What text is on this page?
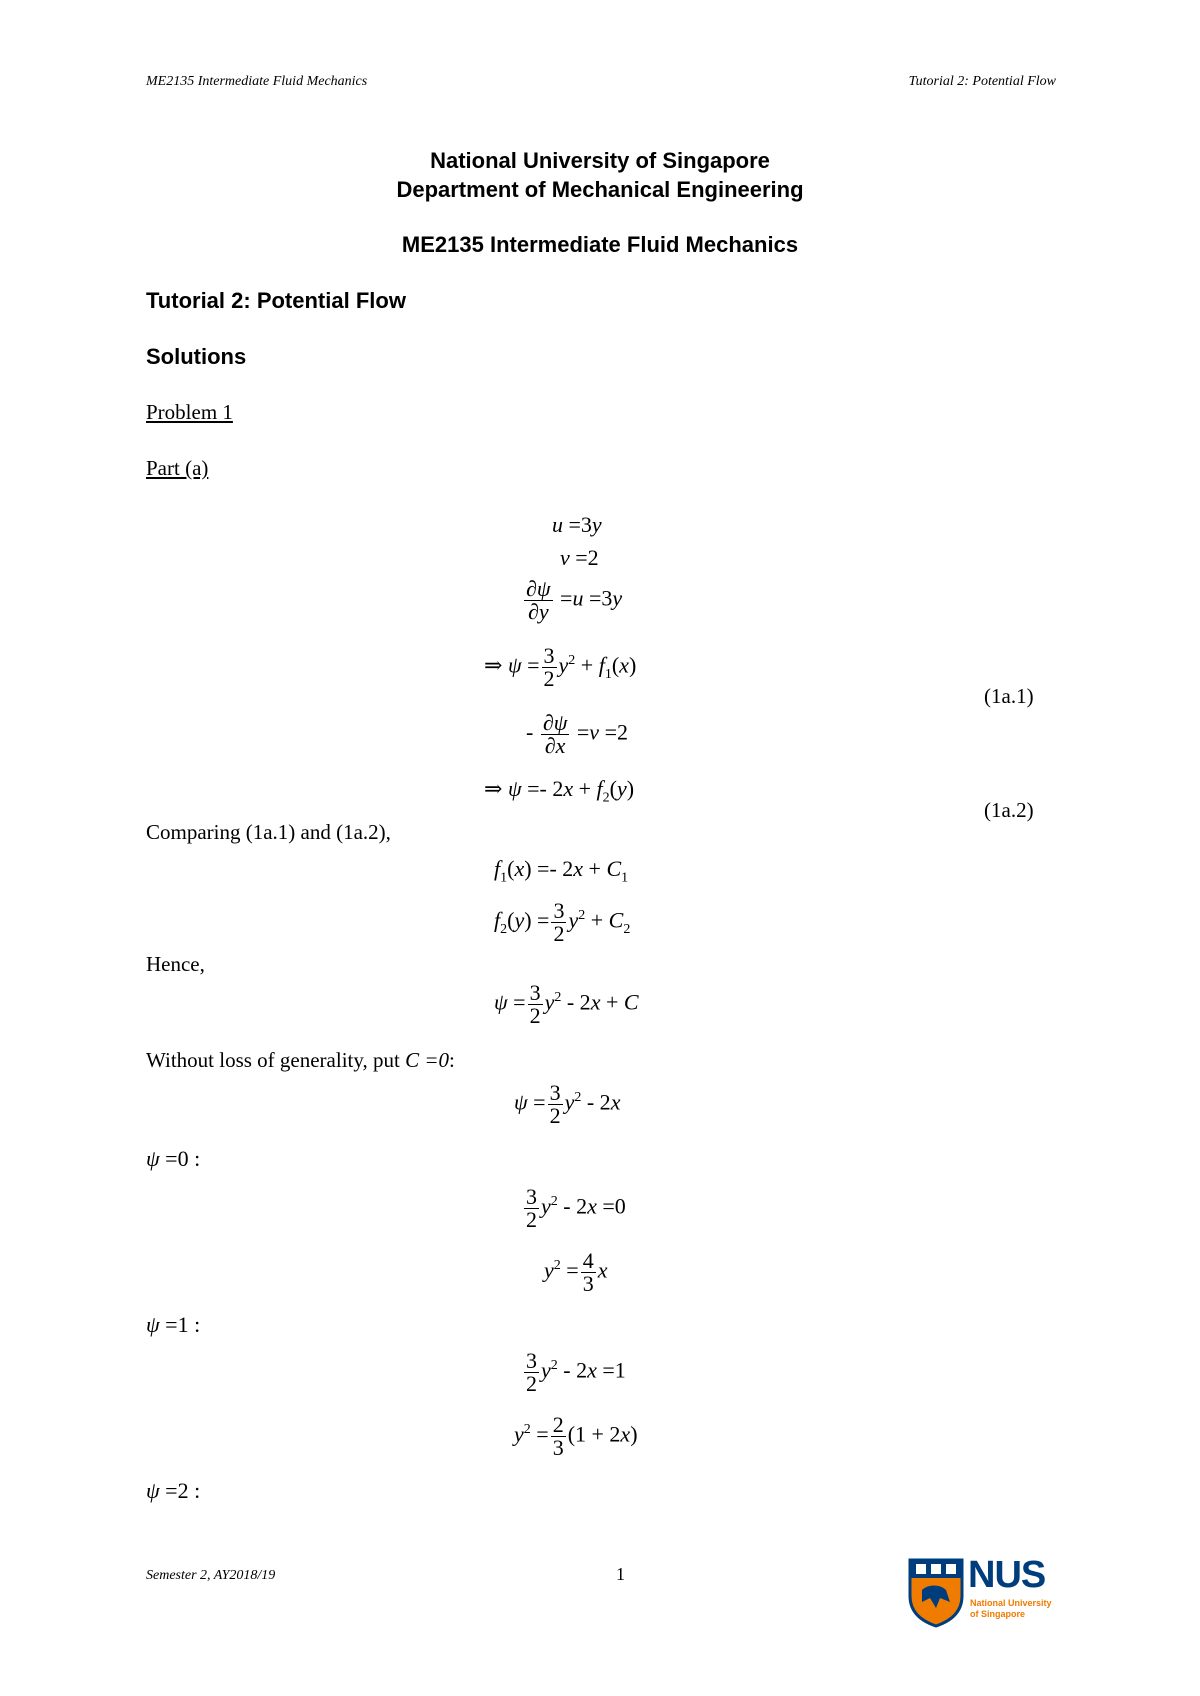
ME2135 Intermediate Fluid Mechanics	Tutorial 2: Potential Flow
National University of Singapore
Department of Mechanical Engineering
ME2135 Intermediate Fluid Mechanics
Tutorial 2: Potential Flow
Solutions
Problem 1
Part (a)
u =3y
v =2
$\frac{\partial\psi}{\partial y} =u =3y$
⇒ $\psi = \frac{3}{2} y^2 + f_1(x)$
(1a.1)
- $\frac{\partial\psi}{\partial x} =v =2$
⇒ $\psi =- 2x + f_2(y)$
(1a.2)
Comparing (1a.1) and (1a.2),
$f_1(x) =- 2x + C_1$
$f_2(y) = \frac{3}{2} y^2 + C_2$
Hence,
$\psi = \frac{3}{2} y^2 - 2x + C$
Without loss of generality, put C =0:
$\psi = \frac{3}{2} y^2 - 2x$
ψ =0 :
$\frac{3}{2} y^2 - 2x =0$
$y^2 = \frac{4}{3}$ x
ψ =1 :
$\frac{3}{2} y^2 - 2x =1$
$y^2 = \frac{2}{3} (1 + 2x)$
ψ =2 :
Semester 2, AY2018/19	1	NUS
National University
of Singapore
